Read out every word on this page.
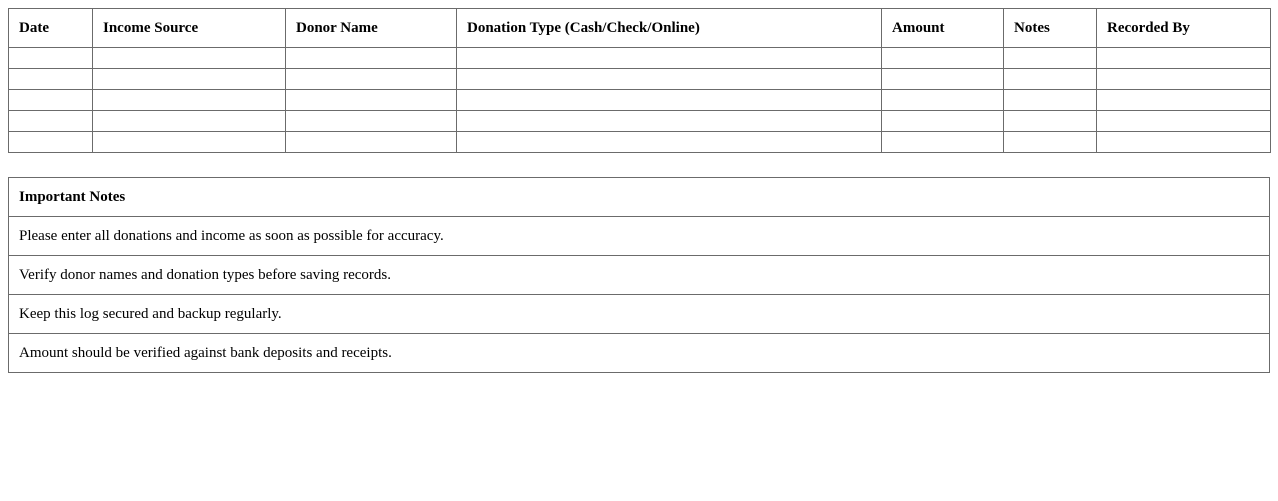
Date	Income Source	Donor Name	Donation Type (Cash/Check/Online)	Amount	Notes	Recorded By

Important Notes
Please enter all donations and income as soon as possible for accuracy.
Verify donor names and donation types before saving records.
Keep this log secured and backup regularly.
Amount should be verified against bank deposits and receipts.
